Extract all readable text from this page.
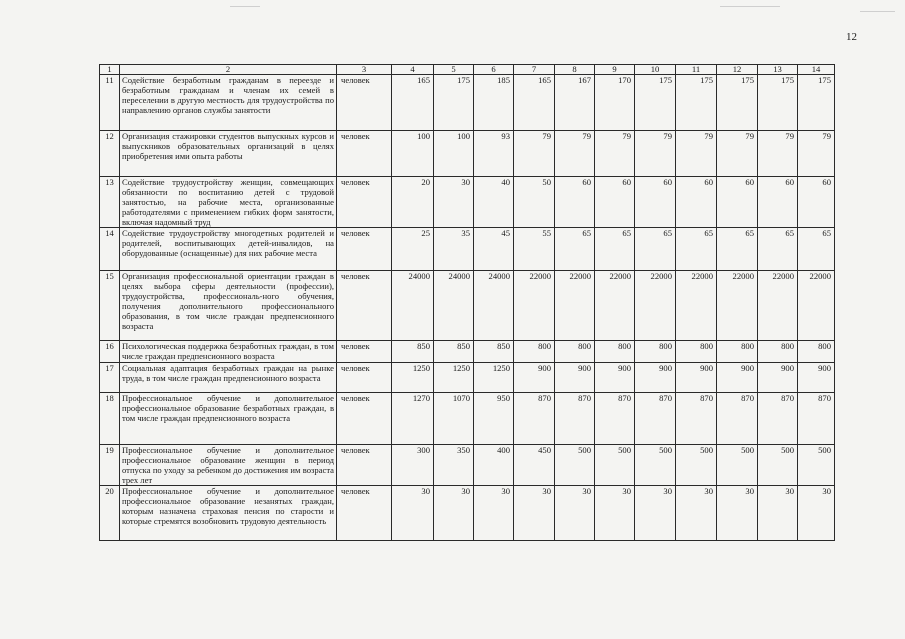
12
1	2	3	4	5	6	7	8	9	10	11	12	13	14
11	Содействие безработным гражданам в переезде и безработным гражданам и членам их семей в переселении в другую местность для трудоустройства по направлению органов службы занятости	человек	165	175	185	165	167	170	175	175	175	175	175
12	Организация стажировки студентов выпускных курсов и выпускников образовательных организаций в целях приобретения ими опыта работы	человек	100	100	93	79	79	79	79	79	79	79	79
13	Содействие трудоустройству женщин, совмещающих обязанности по воспитанию детей с трудовой занятостью, на рабочие места, организованные работодателями с применением гибких форм занятости, включая надомный труд	человек	20	30	40	50	60	60	60	60	60	60	60
14	Содействие трудоустройству многодетных родителей и родителей, воспитывающих детей-инвалидов, на оборудованные (оснащенные) для них рабочие места	человек	25	35	45	55	65	65	65	65	65	65	65
15	Организация профессиональной ориентации граждан в целях выбора сферы деятельности (профессии), трудоустройства, профессиональ-ного обучения, получения дополнительного профессионального образования, в том числе граждан предпенсионного возраста	человек	24000	24000	24000	22000	22000	22000	22000	22000	22000	22000	22000
16	Психологическая поддержка безработных граждан, в том числе граждан предпенсионного возраста	человек	850	850	850	800	800	800	800	800	800	800	800
17	Социальная адаптация безработных граждан на рынке труда, в том числе граждан предпенсионного возраста	человек	1250	1250	1250	900	900	900	900	900	900	900	900
18	Профессиональное обучение и дополнительное профессиональное образование безработных граждан, в том числе граждан предпенсионного возраста	человек	1270	1070	950	870	870	870	870	870	870	870	870
19	Профессиональное обучение и дополнительное профессиональное образование женщин в период отпуска по уходу за ребенком до достижения им возраста трех лет	человек	300	350	400	450	500	500	500	500	500	500	500
20	Профессиональное обучение и дополнительное профессиональное образование незанятых граждан, которым назначена страховая пенсия по старости и которые стремятся возобновить трудовую деятельность	человек	30	30	30	30	30	30	30	30	30	30	30
